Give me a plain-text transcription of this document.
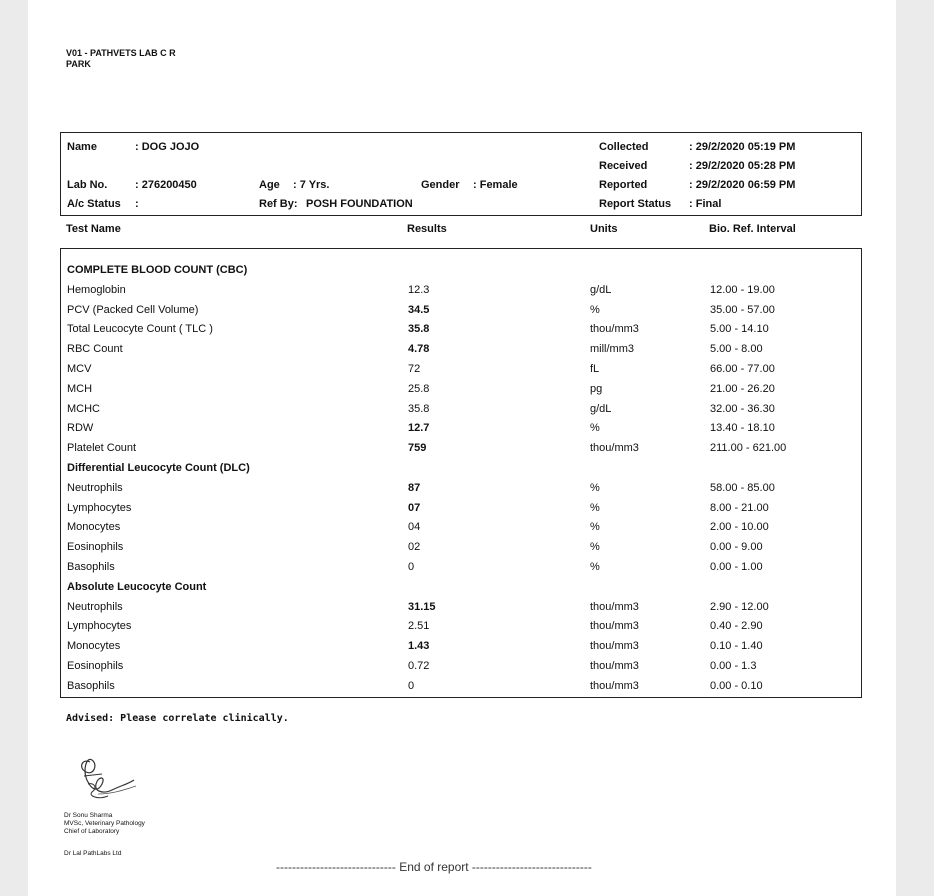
V01 - PATHVETS LAB C R
PARK
Name	: DOG JOJO
Lab No.	: 276200450	Age : 7 Yrs.	Gender : Female
A/c Status :	Ref By: POSH FOUNDATION
Collected	: 29/2/2020 05:19 PM
Received	: 29/2/2020 05:28 PM
Reported	: 29/2/2020 06:59 PM
Report Status : Final
Test Name	Results	Units	Bio. Ref. Interval
COMPLETE BLOOD COUNT (CBC)
Hemoglobin	12.3	g/dL	12.00 - 19.00
PCV (Packed Cell Volume)	34.5	%	35.00 - 57.00
Total Leucocyte Count ( TLC )	35.8	thou/mm3	5.00 - 14.10
RBC Count	4.78	mill/mm3	5.00 - 8.00
MCV	72	fL	66.00 - 77.00
MCH	25.8	pg	21.00 - 26.20
MCHC	35.8	g/dL	32.00 - 36.30
RDW	12.7	%	13.40 - 18.10
Platelet Count	759	thou/mm3	211.00 - 621.00
Differential Leucocyte Count (DLC)
Neutrophils	87	%	58.00 - 85.00
Lymphocytes	07	%	8.00 - 21.00
Monocytes	04	%	2.00 - 10.00
Eosinophils	02	%	0.00 - 9.00
Basophils	0	%	0.00 - 1.00
Absolute Leucocyte Count
Neutrophils	31.15	thou/mm3	2.90 - 12.00
Lymphocytes	2.51	thou/mm3	0.40 - 2.90
Monocytes	1.43	thou/mm3	0.10 - 1.40
Eosinophils	0.72	thou/mm3	0.00 - 1.3
Basophils	0	thou/mm3	0.00 - 0.10
Advised: Please correlate clinically.
Dr Sonu Sharma
MVSc, Veterinary Pathology
Chief of Laboratory
Dr Lal PathLabs Ltd
------------------------------ End of report ------------------------------
